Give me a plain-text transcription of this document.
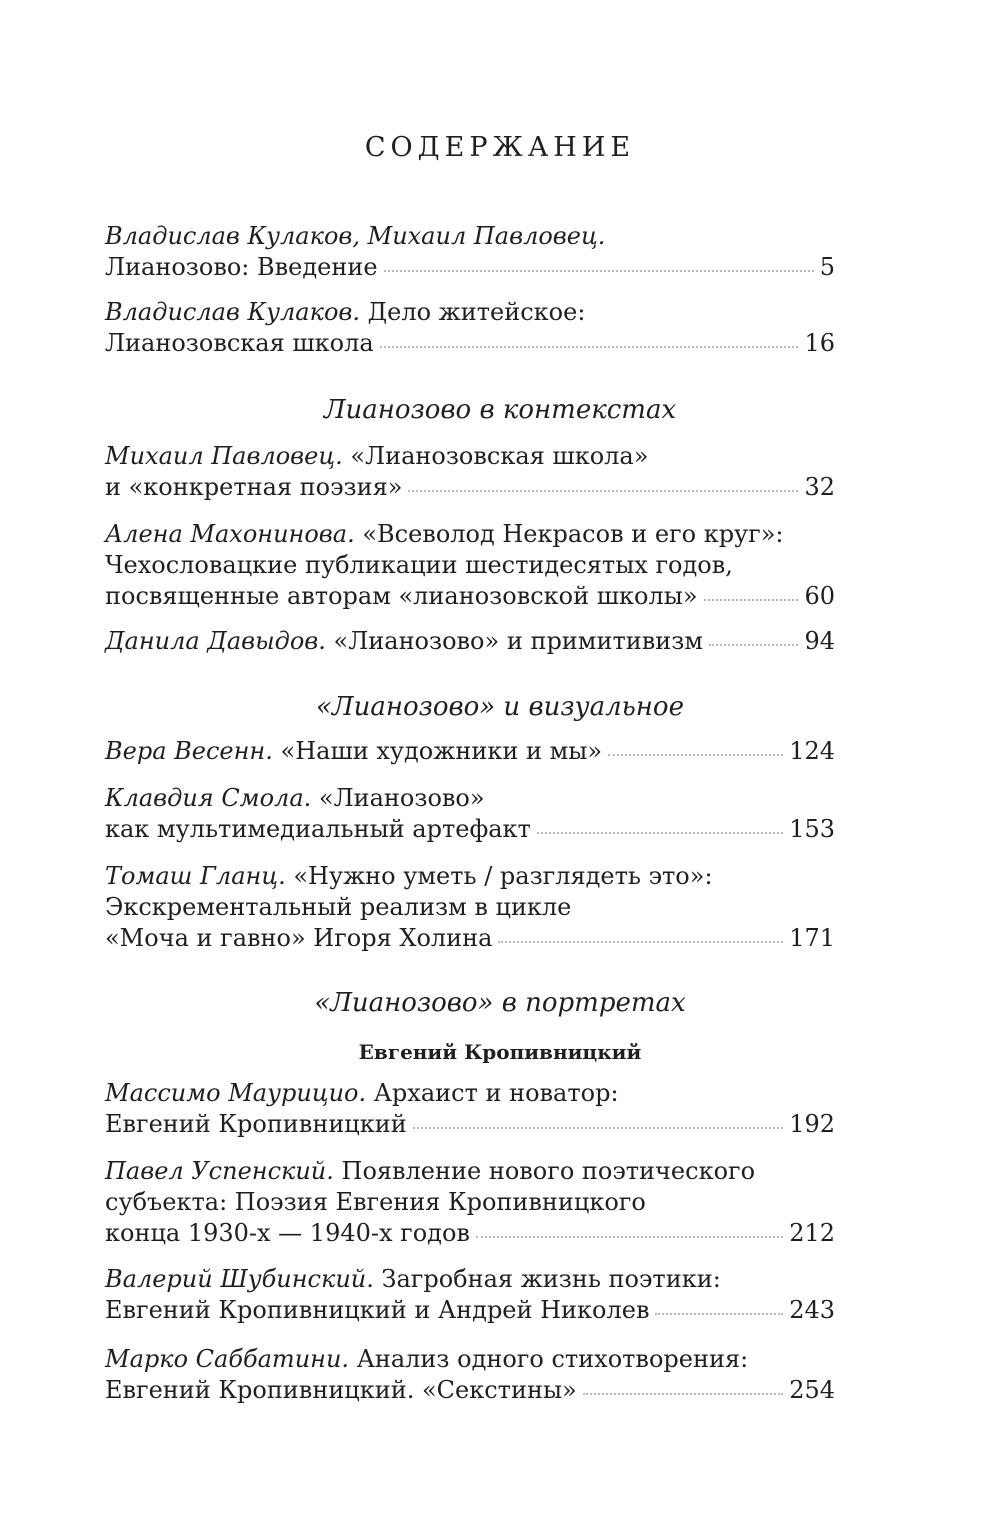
СОДЕРЖАНИЕ
Владислав Кулаков, Михаил Павловец.
Лианозово: Введение	5
Владислав Кулаков. Дело житейское:
Лианозовская школа	16
Лианозово в контекстах
Михаил Павловец. «Лианозовская школа»
и «конкретная поэзия»	32
Алена Махонинова. «Всеволод Некрасов и его круг»:
Чехословацкие публикации шестидесятых годов,
посвященные авторам «лианозовской школы»	60
Данила Давыдов. «Лианозово» и примитивизм	94
«Лианозово» и визуальное
Вера Весенн. «Наши художники и мы»	124
Клавдия Смола. «Лианозово»
как мультимедиальный артефакт	153
Томаш Гланц. «Нужно уметь / разглядеть это»:
Экскрементальный реализм в цикле
«Моча и гавно» Игоря Холина	171
«Лианозово» в портретах
Евгений Кропивницкий
Массимо Маурицио. Архаист и новатор:
Евгений Кропивницкий	192
Павел Успенский. Появление нового поэтического
субъекта: Поэзия Евгения Кропивницкого
конца 1930-х — 1940-х годов	212
Валерий Шубинский. Загробная жизнь поэтики:
Евгений Кропивницкий и Андрей Николев	243
Марко Саббатини. Анализ одного стихотворения:
Евгений Кропивницкий. «Секстины»	254
